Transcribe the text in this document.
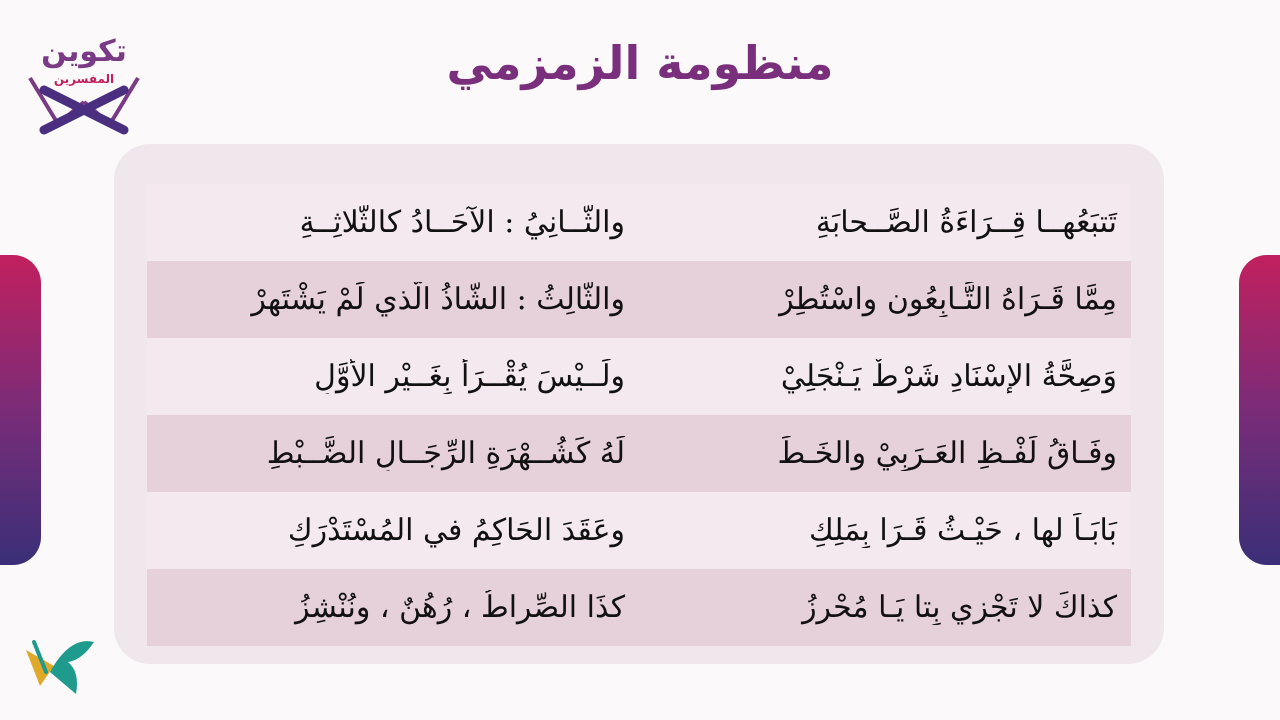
تكوين
المفسرين	منظومة الزمزمي
والثَّــانِيُ : الآحَــادُ كالثَّلاثِــةِ	تَتبَعُهــا قِــرَاءَةُ الصَّــحابَةِ
والثَّالِثُ : الشَّاذُ الَّذي لَمْ يَشْتَهِرْ	مِمَّا قَـرَاهُ التَّـابِعُون واسْتُطِرْ
ولَــيْسَ يُقْــرَأُ بِغَــيْرِ الأَوَّلِ	وَصِحَّةُ الإِسْنَادِ شَرْطٌ يَـنْجَلِيْ
لَهُ كَشُــهْرَةِ الرِّجَــالِ الضَّــبْطِ	وفَـاقُ لَفْـظِ العَـرَبِيْ والخَـطِّ
وعَقَدَ الحَاكِمُ في المُسْتَدْرَكِ	بَابَـاً لها ، حَيْـثُ قَـرَا بِمَلِكِ
كذَا الصِّراطُ ، رُهُنٌ ، ونُنْشِزُ	كذاكَ لا تَجْزِي بِتا يَـا مُحْرِزُ
